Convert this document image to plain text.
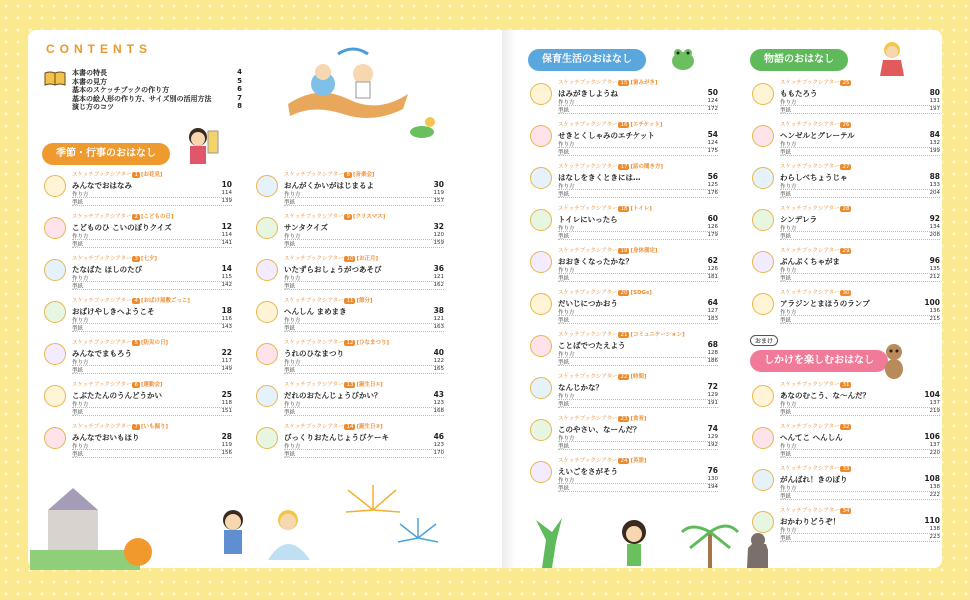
CONTENTS
本書の特長	4
本書の見方	5
基本のスケッチブックの作り方	6
基本の絵人形の作り方、サイズ別の活用方法	7
演じ方のコツ	8
季節・行事のおはなし
スケッチブックシアター 1 [お花見]
みんなでおはなみ	10
作り方	114
型紙	139
スケッチブックシアター 2 [こどもの日]
こどものひ こいのぼりクイズ	12
作り方	114
型紙	141
スケッチブックシアター 3 [七夕]
たなばた ほしのたび	14
作り方	115
型紙	142
スケッチブックシアター 4 [おばけ屋敷ごっこ]
おばけやしきへようこそ	18
作り方	116
型紙	143
スケッチブックシアター 5 [防災の日]
みんなでまもろう	22
作り方	117
型紙	149
スケッチブックシアター 6 [運動会]
こぶたたんのうんどうかい	25
作り方	118
型紙	151
スケッチブックシアター 7 [いも掘り]
みんなでおいもほり	28
作り方	119
型紙	156
スケッチブックシアター 8 [音楽会]
おんがくかいがはじまるよ	30
作り方	119
型紙	157
スケッチブックシアター 9 [クリスマス]
サンタクイズ	32
作り方	120
型紙	159
スケッチブックシアター 10 [お正月]
いたずらおしょうがつあそび	36
作り方	121
型紙	162
スケッチブックシアター 11 [節分]
へんしん まめまき	38
作り方	121
型紙	163
スケッチブックシアター 12 [ひなまつり]
うれのひなまつり	40
作り方	122
型紙	165
スケッチブックシアター 13 [誕生日①]
だれのおたんじょうびかい？	43
作り方	123
型紙	168
スケッチブックシアター 14 [誕生日②]
びっくりおたんじょうびケーキ	46
作り方	123
型紙	170
保育生活のおはなし
スケッチブックシアター 15 [歯みがき]
はみがきしようね	50
作り方	124
型紙	172
スケッチブックシアター 16 [エチケット]
せきとくしゃみのエチケット	54
作り方	124
型紙	175
スケッチブックシアター 17 [話の聞き方]
はなしをきくときには…	56
作り方	125
型紙	176
スケッチブックシアター 18 [トイレ]
トイレにいったら	60
作り方	126
型紙	179
スケッチブックシアター 19 [身体測定]
おおきくなったかな？	62
作り方	126
型紙	181
スケッチブックシアター 20 [SDGs]
だいじにつかおう	64
作り方	127
型紙	183
スケッチブックシアター 21 [コミュニケーション]
ことばでつたえよう	68
作り方	128
型紙	186
スケッチブックシアター 22 [時間]
なんじかな？	72
作り方	129
型紙	191
スケッチブックシアター 23 [食育]
このやさい、なーんだ？	74
作り方	129
型紙	192
スケッチブックシアター 24 [英語]
えいごをさがそう	76
作り方	130
型紙	194
物語のおはなし
スケッチブックシアター 25
ももたろう	80
作り方	131
型紙	197
スケッチブックシアター 26
ヘンゼルとグレーテル	84
作り方	132
型紙	199
スケッチブックシアター 27
わらしべちょうじゃ	88
作り方	133
型紙	204
スケッチブックシアター 28
シンデレラ	92
作り方	134
型紙	208
スケッチブックシアター 29
ぶんぶくちゃがま	96
作り方	135
型紙	212
スケッチブックシアター 30
アラジンとまほうのランプ	100
作り方	136
型紙	215
おまけ
しかけを楽しむおはなし
スケッチブックシアター 31
あなのむこう、な～んだ？	104
作り方	137
型紙	219
スケッチブックシアター 32
へんてこ へんしん	106
作り方	137
型紙	220
スケッチブックシアター 33
がんばれ！きのぼり	108
作り方	138
型紙	222
スケッチブックシアター 34
おかわりどうぞ！	110
作り方	138
型紙	223
